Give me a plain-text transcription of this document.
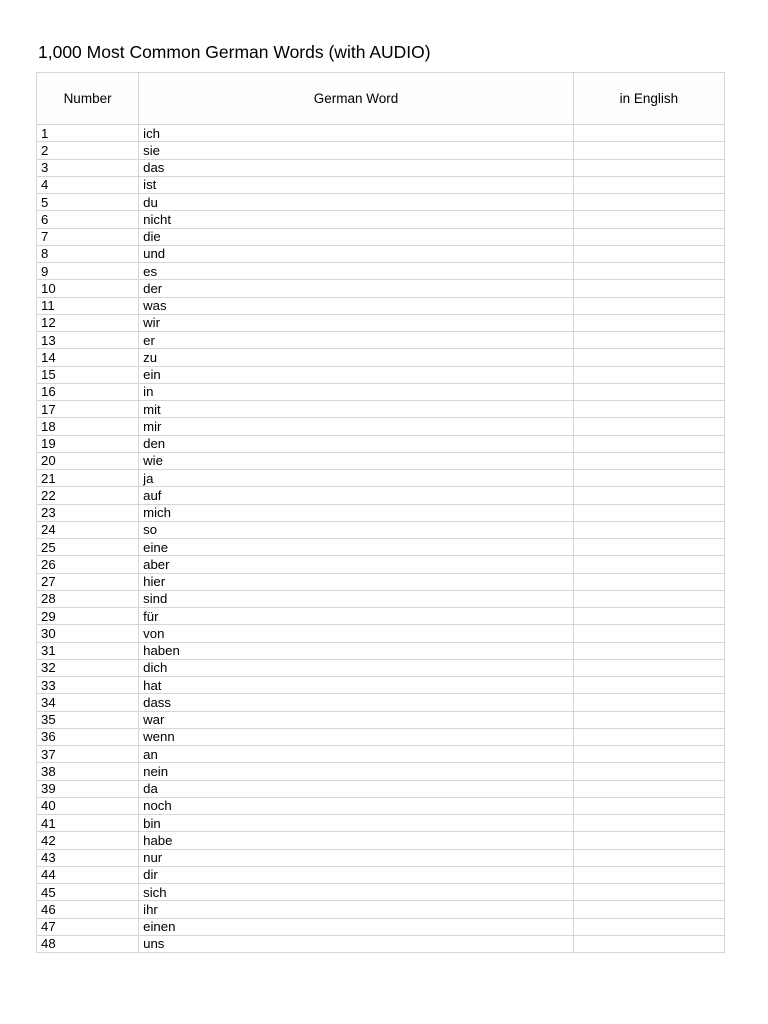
1,000 Most Common German Words (with AUDIO)
Number	German Word	in English
1	ich	
2	sie	
3	das	
4	ist	
5	du	
6	nicht	
7	die	
8	und	
9	es	
10	der	
11	was	
12	wir	
13	er	
14	zu	
15	ein	
16	in	
17	mit	
18	mir	
19	den	
20	wie	
21	ja	
22	auf	
23	mich	
24	so	
25	eine	
26	aber	
27	hier	
28	sind	
29	für	
30	von	
31	haben	
32	dich	
33	hat	
34	dass	
35	war	
36	wenn	
37	an	
38	nein	
39	da	
40	noch	
41	bin	
42	habe	
43	nur	
44	dir	
45	sich	
46	ihr	
47	einen	
48	uns	
